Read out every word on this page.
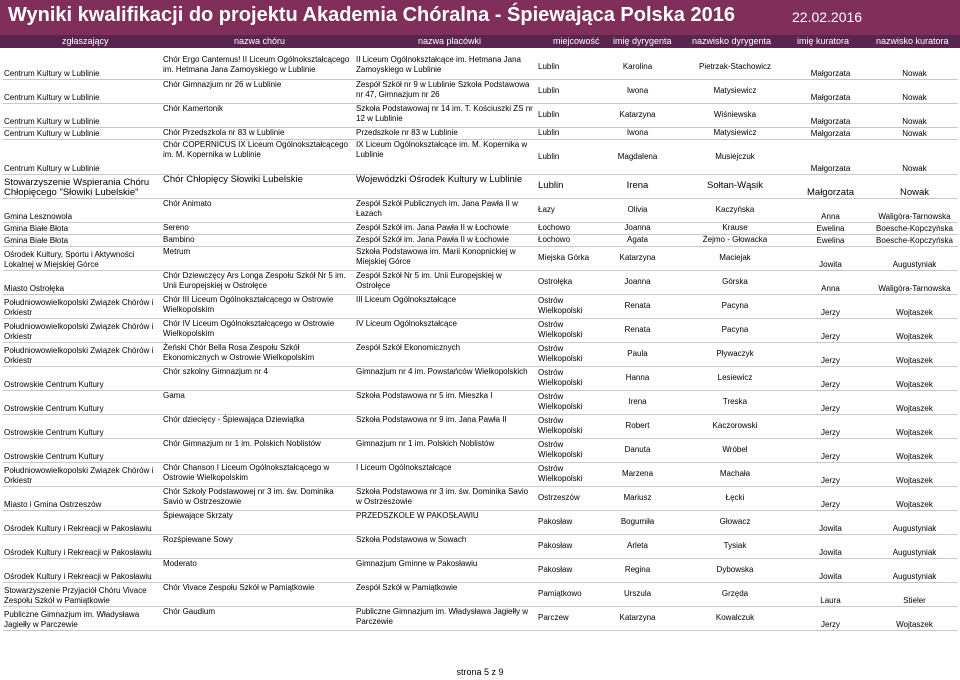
Wyniki kwalifikacji do projektu Akademia Chóralna - Śpiewająca Polska 2016	22.02.2016
zgłaszający	nazwa chóru	nazwa placówki	miejcowość imię dyrygenta nazwisko dyrygenta	imię kuratora	nazwisko kuratora
Centrum Kultury w Lublinie	Chór Ergo Cantemus! II Liceum Ogólnokształcącego im. Hetmana Jana Zamoyskiego w Lublinie	II Liceum Ogólnokształcące im. Hetmana Jana Zamoyskiego w Lublinie	Lublin	Karolina	Pietrzak-Stachowicz	Małgorzata	Nowak
Centrum Kultury w Lublinie	Chór Gimnazjum nr 26 w Lublinie	Zespół Szkół nr 9 w Lublinie Szkoła Podstawowa nr 47, Gimnazjum nr 26	Lublin	Iwona	Matysiewicz	Małgorzata	Nowak
Centrum Kultury w Lublinie	Chór Kamertonik	Szkoła Podstawowaj nr 14 im. T. Kościuszki ZS nr 12 w Lublinie	Lublin	Katarzyna	Wiśniewska	Małgorzata	Nowak
Centrum Kultury w Lublinie	Chór Przedszkola nr 83 w Lublinie	Przedszkole nr 83 w Lublinie	Lublin	Iwona	Matysiewicz	Małgorzata	Nowak
Centrum Kultury w Lublinie	Chór COPERNICUS IX Liceum Ogólnokształcącego im. M. Kopernika w Lublinie	IX Liceum Ogólnokształcące im. M. Kopernika w Lublinie	Lublin	Magdalena	Musiejczuk	Małgorzata	Nowak
Stowarzyszenie Wspierania Chóru Chłopięcego "Słowiki Lubelskie"	Chór Chłopięcy Słowiki Lubelskie	Wojewódzki Ośrodek Kultury w Lublinie	Lublin	Irena	Sołtan-Wąsik	Małgorzata	Nowak
Gmina Lesznowola	Chór Animato	Zespół Szkół Publicznych im. Jana Pawła II w Łazach	Łazy	Olivia	Kaczyńska	Anna	Waligóra-Tarnowska
Gmina Białe Błota	Sereno	Zespół Szkół im. Jana Pawła II w Łochowie	Łochowo	Joanna	Krause	Ewelina	Boesche-Kopczyńska
Gmina Białe Błota	Bambino	Zespół Szkół im. Jana Pawła II w Łochowie	Łochowo	Agata	Żejmo - Głowacka	Ewelina	Boesche-Kopczyńska
Ośrodek Kultury, Sportu i Aktywności Lokalnej w Miejskiej Górce	Metrum	Szkoła Podstawowa im. Marii Konopnickiej w Miejskiej Górce	Miejska Górka	Katarzyna	Maciejak	Jowita	Augustyniak
Miasto Ostrołęka	Chór Dziewczęcy Ars Longa Zespołu Szkół Nr 5 im. Unii Europejskiej w Ostrołęce	Zespół Szkół Nr 5 im. Unii Europejskiej w Ostrołęce	Ostrołęka	Joanna	Górska	Anna	Waligóra-Tarnowska
Południowowielkopolski Związek Chórów i Orkiestr	Chór III Liceum Ogólnokształcącego w Ostrowie Wielkopolskim	III Liceum Ogólnokształcące	Ostrów Wielkopolski	Renata	Pacyna	Jerzy	Wojtaszek
Południowowielkopolski Związek Chórów i Orkiestr	Chór IV Liceum Ogólnokształcącego w Ostrowie Wielkopolskim	IV Liceum Ogólnokształcące	Ostrów Wielkopolski	Renata	Pacyna	Jerzy	Wojtaszek
Południowowielkopolski Związek Chórów i Orkiestr	Żeński Chór Bella Rosa Zespołu Szkół Ekonomicznych w Ostrowie Wielkopolskim	Zespół Szkół Ekonomicznych	Ostrów Wielkopolski	Paula	Pływaczyk	Jerzy	Wojtaszek
Ostrowskie Centrum Kultury	Chór szkolny Gimnazjum nr 4	Gimnazjum nr 4 im. Powstańców Wielkopolskich	Ostrów Wielkopolski	Hanna	Lesiewicz	Jerzy	Wojtaszek
Ostrowskie Centrum Kultury	Gama	Szkoła Podstawowa nr 5 im. Mieszka I	Ostrów Wielkopolski	Irena	Treska	Jerzy	Wojtaszek
Ostrowskie Centrum Kultury	Chór dziecięcy - Śpiewająca Dziewiątka	Szkoła Podstawowa nr 9 im. Jana Pawła II	Ostrów Wielkopolski	Robert	Kaczorowski	Jerzy	Wojtaszek
Ostrowskie Centrum Kultury	Chór Gimnazjum nr 1 im. Polskich Noblistów	Gimnazjum nr 1 im. Polskich Noblistów	Ostrów Wielkopolski	Danuta	Wróbel	Jerzy	Wojtaszek
Południowowielkopolski Związek Chórów i Orkiestr	Chór Chanson I Liceum Ogólnokształcącego w Ostrowie Wielkopolskim	I Liceum Ogólnokształcące	Ostrów Wielkopolski	Marzena	Machała	Jerzy	Wojtaszek
Miasto i Gmina Ostrzeszów	Chór Szkoły Podstawowej nr 3 im. św. Dominika Savio w Ostrzeszowie	Szkoła Podstawowa nr 3 im. św. Dominika Savio w Ostrzeszowie	Ostrzeszów	Mariusz	Łęcki	Jerzy	Wojtaszek
Ośrodek Kultury i Rekreacji w Pakosławiu	Śpiewające Skrzaty	PRZEDSZKOLE W PAKOSŁAWIU	Pakosław	Bogumiła	Głowacz	Jowita	Augustyniak
Ośrodek Kultury i Rekreacji w Pakosławiu	Rozśpiewane Sowy	Szkoła Podstawowa w Sowach	Pakosław	Arleta	Tysiak	Jowita	Augustyniak
Ośrodek Kultury i Rekreacji w Pakosławiu	Moderato	Gimnazjum Gminne w Pakosławiu	Pakosław	Regina	Dybowska	Jowita	Augustyniak
Stowarzyszenie Przyjaciół Chóru Vivace Zespołu Szkół w Pamiątkowie	Chór Vivace Zespołu Szkół w Pamiątkowie	Zespół Szkół w Pamiątkowie	Pamiątkowo	Urszula	Grzęda	Laura	Stieler
Publiczne Gimnazjum im. Władysława Jagiełły w Parczewie	Chór Gaudium	Publiczne Gimnazjum im. Władysława Jagiełły w Parczewie	Parczew	Katarzyna	Kowalczuk	Jerzy	Wojtaszek
strona 5 z 9
